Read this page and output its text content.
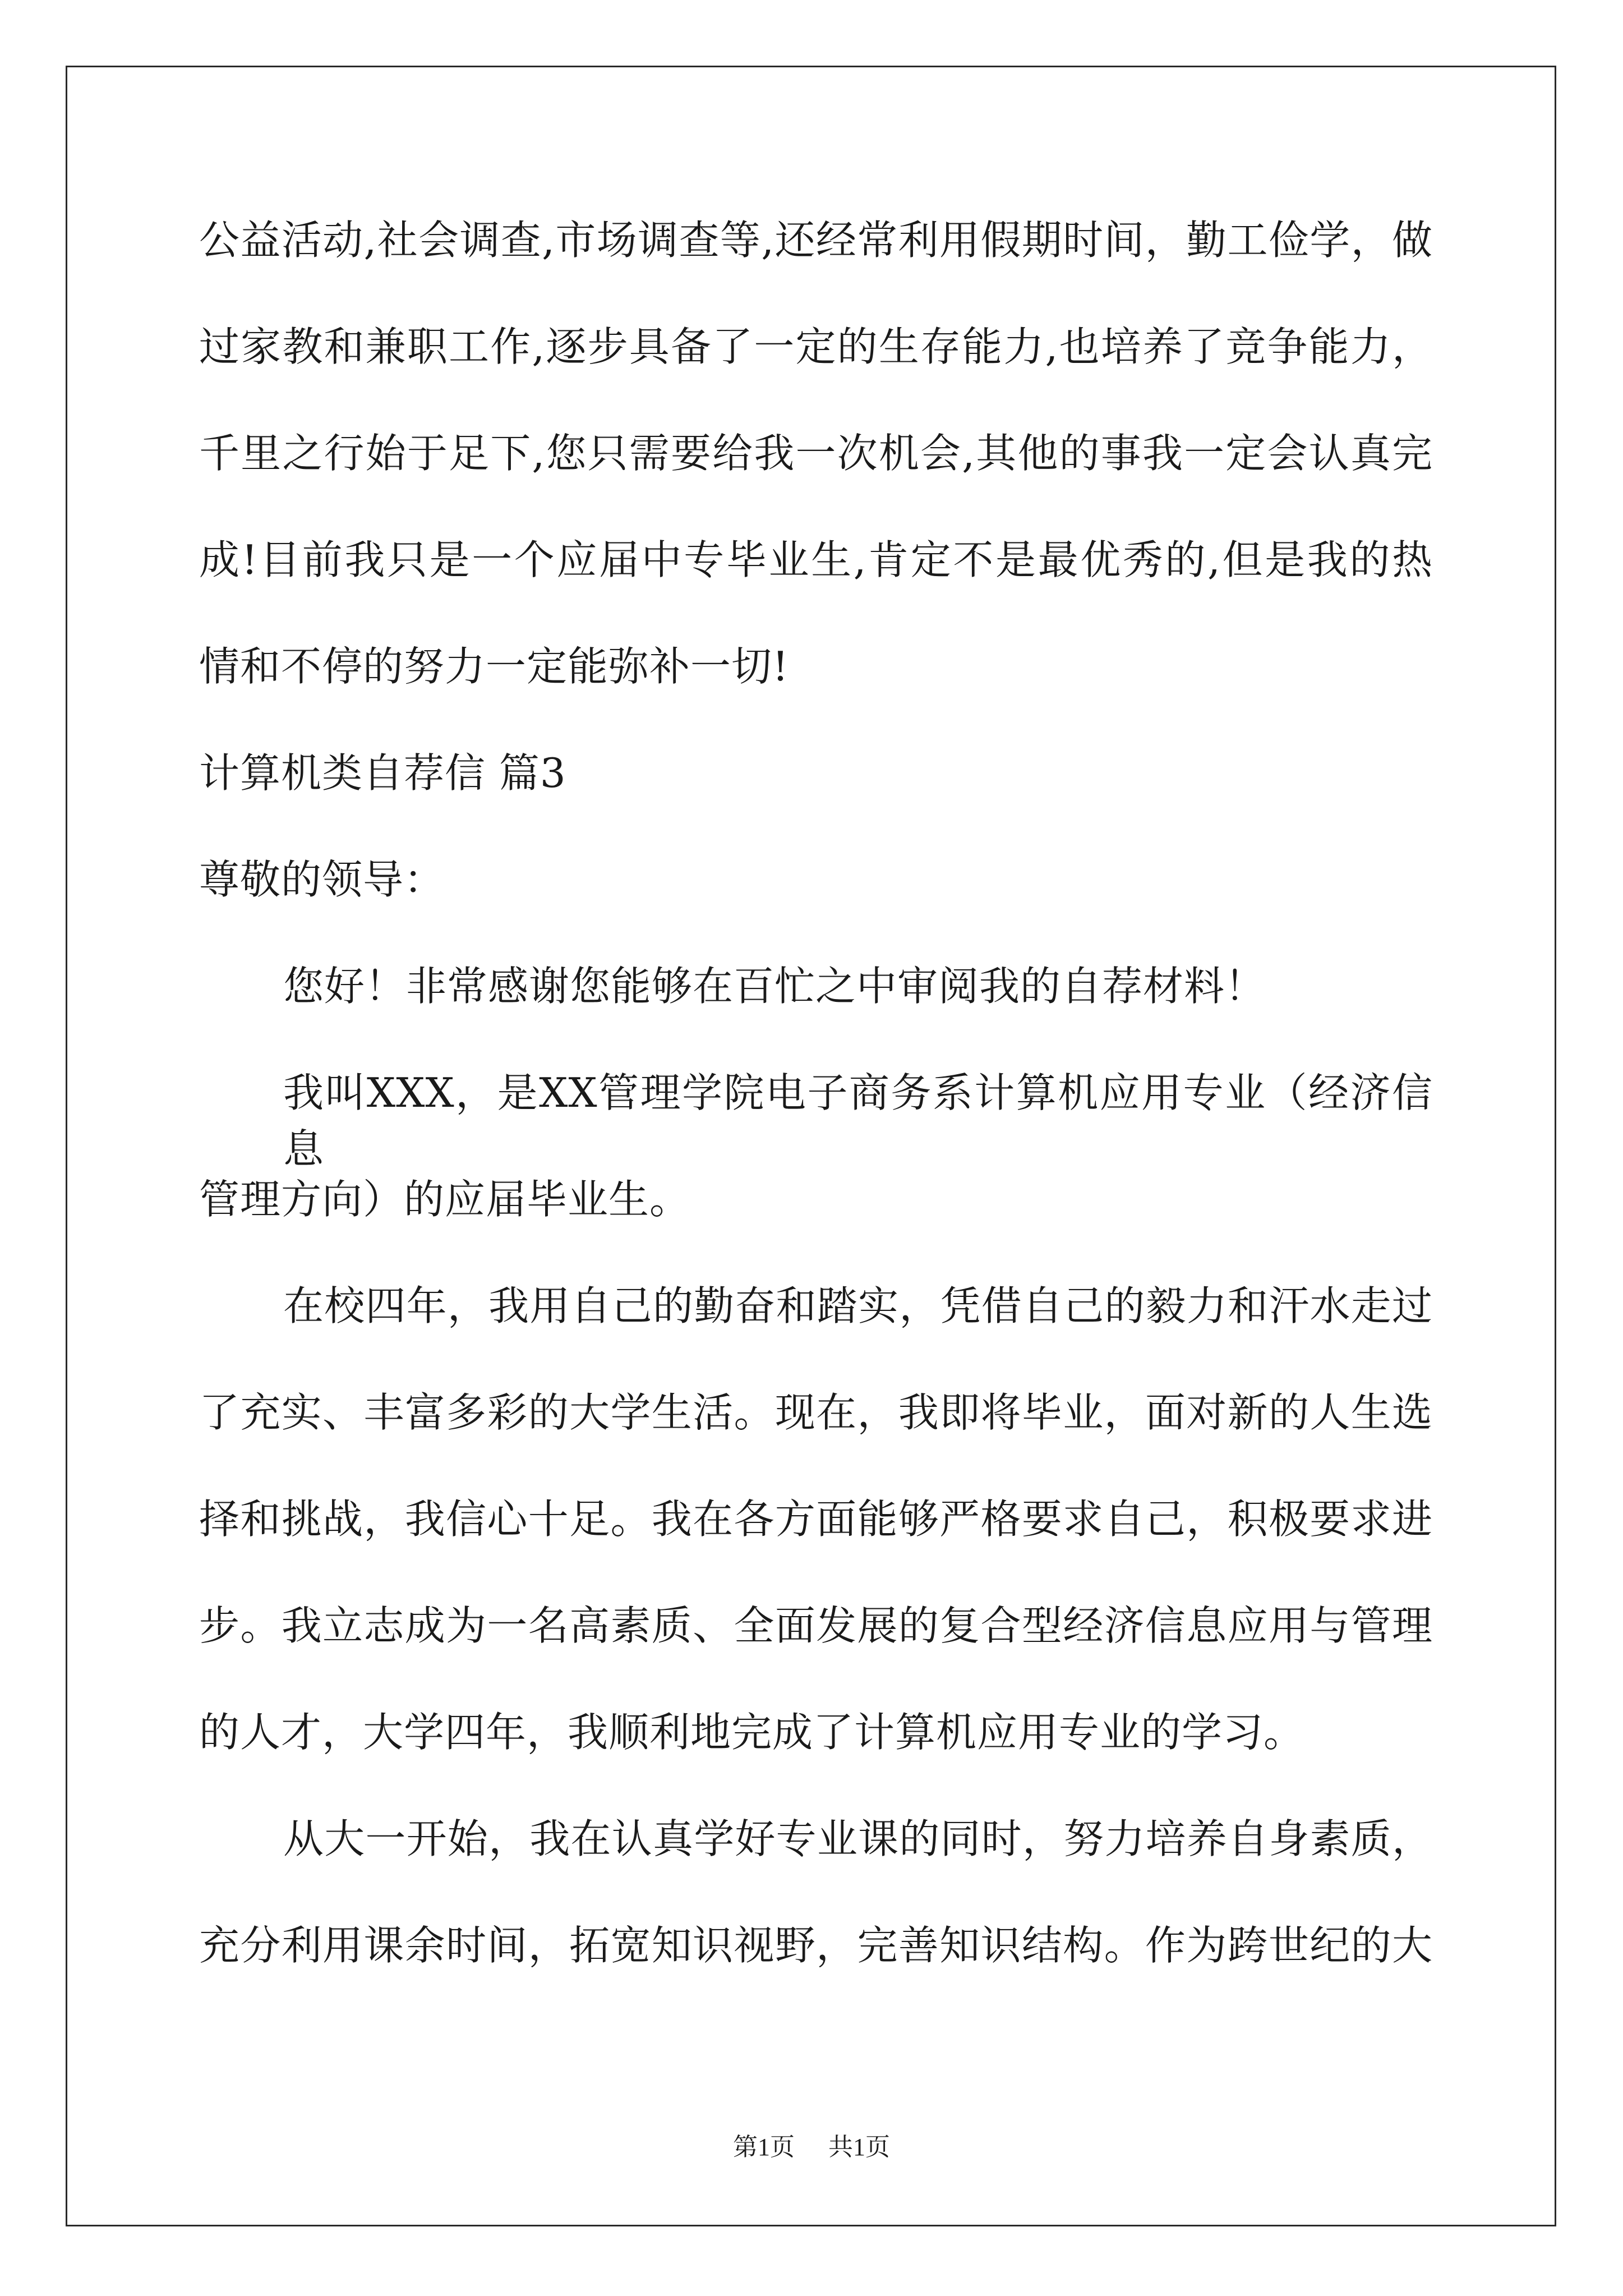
公益活动,社会调查,市场调查等,还经常利用假期时间，勤工俭学，做
过家教和兼职工作,逐步具备了一定的生存能力,也培养了竞争能力，
千里之行始于足下,您只需要给我一次机会,其他的事我一定会认真完
成!目前我只是一个应届中专毕业生,肯定不是最优秀的,但是我的热
情和不停的努力一定能弥补一切!
计算机类自荐信 篇3
尊敬的领导：
您好！非常感谢您能够在百忙之中审阅我的自荐材料！
我叫XXX，是XX管理学院电子商务系计算机应用专业（经济信息
管理方向）的应届毕业生。
在校四年，我用自己的勤奋和踏实，凭借自己的毅力和汗水走过
了充实、丰富多彩的大学生活。现在，我即将毕业，面对新的人生选
择和挑战，我信心十足。我在各方面能够严格要求自己，积极要求进
步。我立志成为一名高素质、全面发展的复合型经济信息应用与管理
的人才，大学四年，我顺利地完成了计算机应用专业的学习。
从大一开始，我在认真学好专业课的同时，努力培养自身素质，
充分利用课余时间，拓宽知识视野，完善知识结构。作为跨世纪的大
第1页 共1页
